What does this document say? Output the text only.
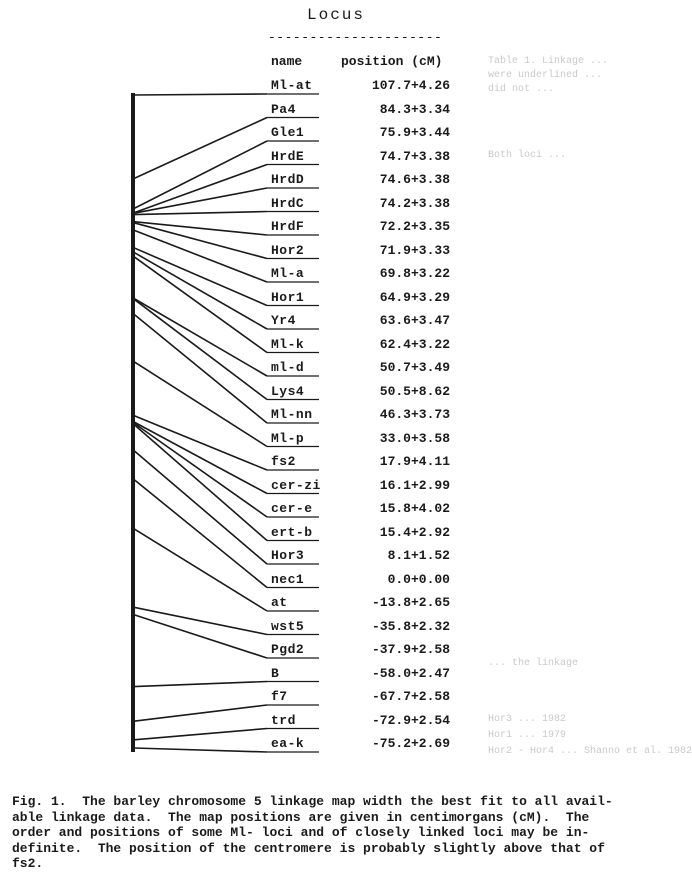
Locus
---------------------
name	position (cM)	Table 1. Linkage ...
were underlined ...
did not ...
Both loci ...
... the linkage
Hor3 ... 1982
Hor1 ... 1979
Hor2 - Hor4 ... Shanno et al. 1982
Ml-at	107.7+4.26
Pa4	84.3+3.34
Gle1	75.9+3.44
HrdE	74.7+3.38
HrdD	74.6+3.38
HrdC	74.2+3.38
HrdF	72.2+3.35
Hor2	71.9+3.33
Ml-a	69.8+3.22
Hor1	64.9+3.29
Yr4	63.6+3.47
Ml-k	62.4+3.22
ml-d	50.7+3.49
Lys4	50.5+8.62
Ml-nn	46.3+3.73
Ml-p	33.0+3.58
fs2	17.9+4.11
cer-zi	16.1+2.99
cer-e	15.8+4.02
ert-b	15.4+2.92
Hor3	8.1+1.52
nec1	0.0+0.00
at	-13.8+2.65
wst5	-35.8+2.32
Pgd2	-37.9+2.58
B	-58.0+2.47
f7	-67.7+2.58
trd	-72.9+2.54
ea-k	-75.2+2.69
Fig. 1.  The barley chromosome 5 linkage map width the best fit to all avail-
able linkage data.  The map positions are given in centimorgans (cM).  The
order and positions of some Ml- loci and of closely linked loci may be in-
definite.  The position of the centromere is probably slightly above that of
fs2.
